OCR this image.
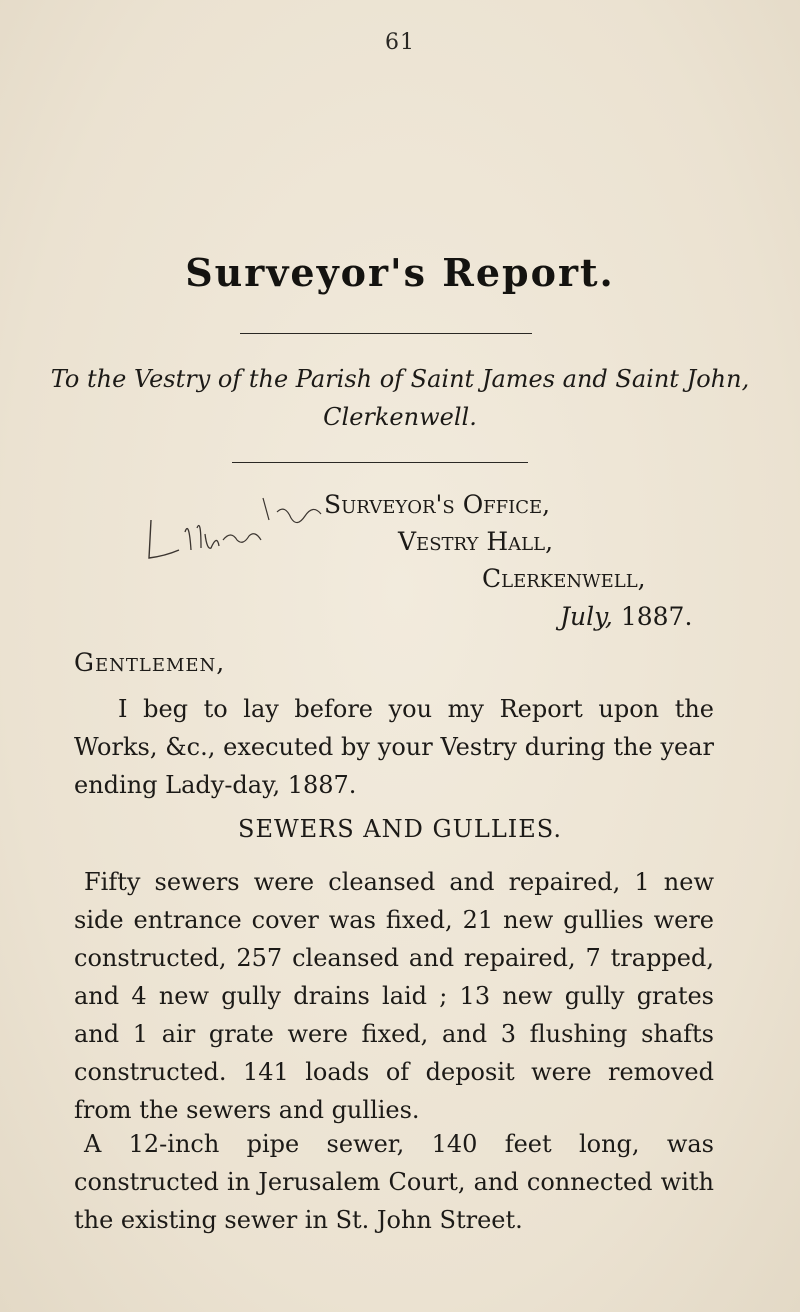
61
Surveyor's Report.
To the Vestry of the Parish of Saint James and Saint John, Clerkenwell.
Surveyor's Office,
Vestry Hall,
Clerkenwell,
July, 1887.
Gentlemen,

I beg to lay before you my Report upon the Works, &c., executed by your Vestry during the year ending Lady-day, 1887.

SEWERS AND GULLIES.

Fifty sewers were cleansed and repaired, 1 new side entrance cover was fixed, 21 new gullies were constructed, 257 cleansed and repaired, 7 trapped, and 4 new gully drains laid ; 13 new gully grates and 1 air grate were fixed, and 3 flushing shafts constructed. 141 loads of deposit were removed from the sewers and gullies.

A 12-inch pipe sewer, 140 feet long, was constructed in Jerusalem Court, and connected with the existing sewer in St. John Street.
